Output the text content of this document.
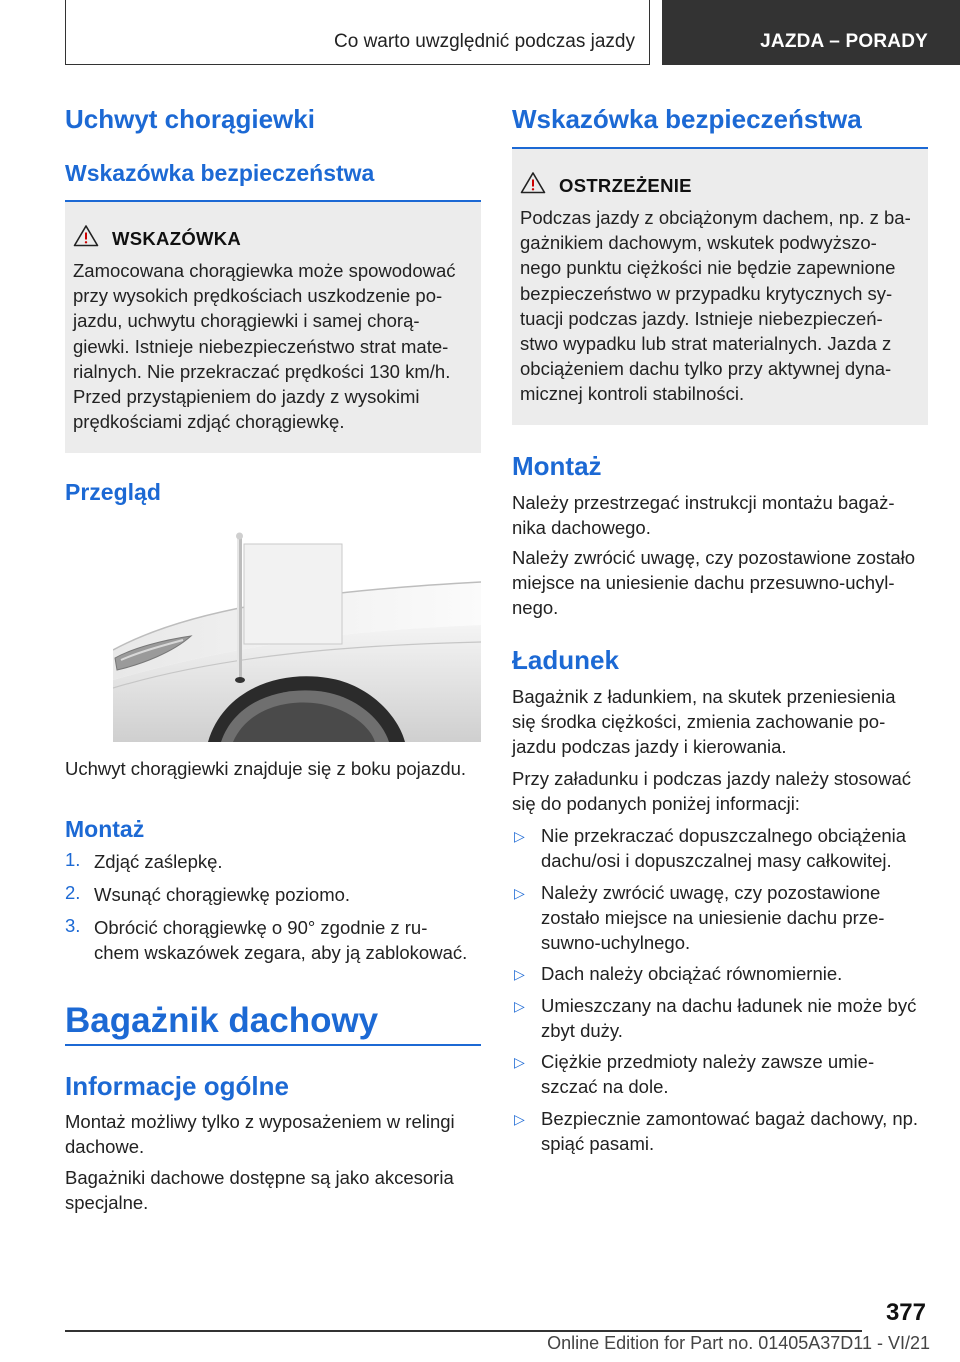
Co warto uwzględnić podczas jazdy	JAZDA – PORADY
Uchwyt chorągiewki
Wskazówka bezpieczeństwa
WSKAZÓWKA
Zamocowana chorągiewka może spowodować
przy wysokich prędkościach uszkodzenie po-
jazdu, uchwytu chorągiewki i samej chorą-
giewki. Istnieje niebezpieczeństwo strat mate-
rialnych. Nie przekraczać prędkości 130 km/h.
Przed przystąpieniem do jazdy z wysokimi
prędkościami zdjąć chorągiewkę.
Przegląd
Uchwyt chorągiewki znajduje się z boku pojazdu.
Montaż
1. Zdjąć zaślepkę.
2. Wsunąć chorągiewkę poziomo.
3. Obrócić chorągiewkę o 90° zgodnie z ru-
chem wskazówek zegara, aby ją zablokować.
Bagażnik dachowy
Informacje ogólne
Montaż możliwy tylko z wyposażeniem w relingi
dachowe.
Bagażniki dachowe dostępne są jako akcesoria
specjalne.
Wskazówka bezpieczeństwa
OSTRZEŻENIE
Podczas jazdy z obciążonym dachem, np. z ba-
gażnikiem dachowym, wskutek podwyższo-
nego punktu ciężkości nie będzie zapewnione
bezpieczeństwo w przypadku krytycznych sy-
tuacji podczas jazdy. Istnieje niebezpieczeń-
stwo wypadku lub strat materialnych. Jazda z
obciążeniem dachu tylko przy aktywnej dyna-
micznej kontroli stabilności.
Montaż
Należy przestrzegać instrukcji montażu bagaż-
nika dachowego.
Należy zwrócić uwagę, czy pozostawione zostało
miejsce na uniesienie dachu przesuwno-uchyl-
nego.
Ładunek
Bagażnik z ładunkiem, na skutek przeniesienia
się środka ciężkości, zmienia zachowanie po-
jazdu podczas jazdy i kierowania.
Przy załadunku i podczas jazdy należy stosować
się do podanych poniżej informacji:
▷ Nie przekraczać dopuszczalnego obciążenia
dachu/osi i dopuszczalnej masy całkowitej.
▷ Należy zwrócić uwagę, czy pozostawione
zostało miejsce na uniesienie dachu prze-
suwno-uchylnego.
▷ Dach należy obciążać równomiernie.
▷ Umieszczany na dachu ładunek nie może być
zbyt duży.
▷ Ciężkie przedmioty należy zawsze umie-
szczać na dole.
▷ Bezpiecznie zamontować bagaż dachowy, np.
spiąć pasami.
377
Online Edition for Part no. 01405A37D11 - VI/21
